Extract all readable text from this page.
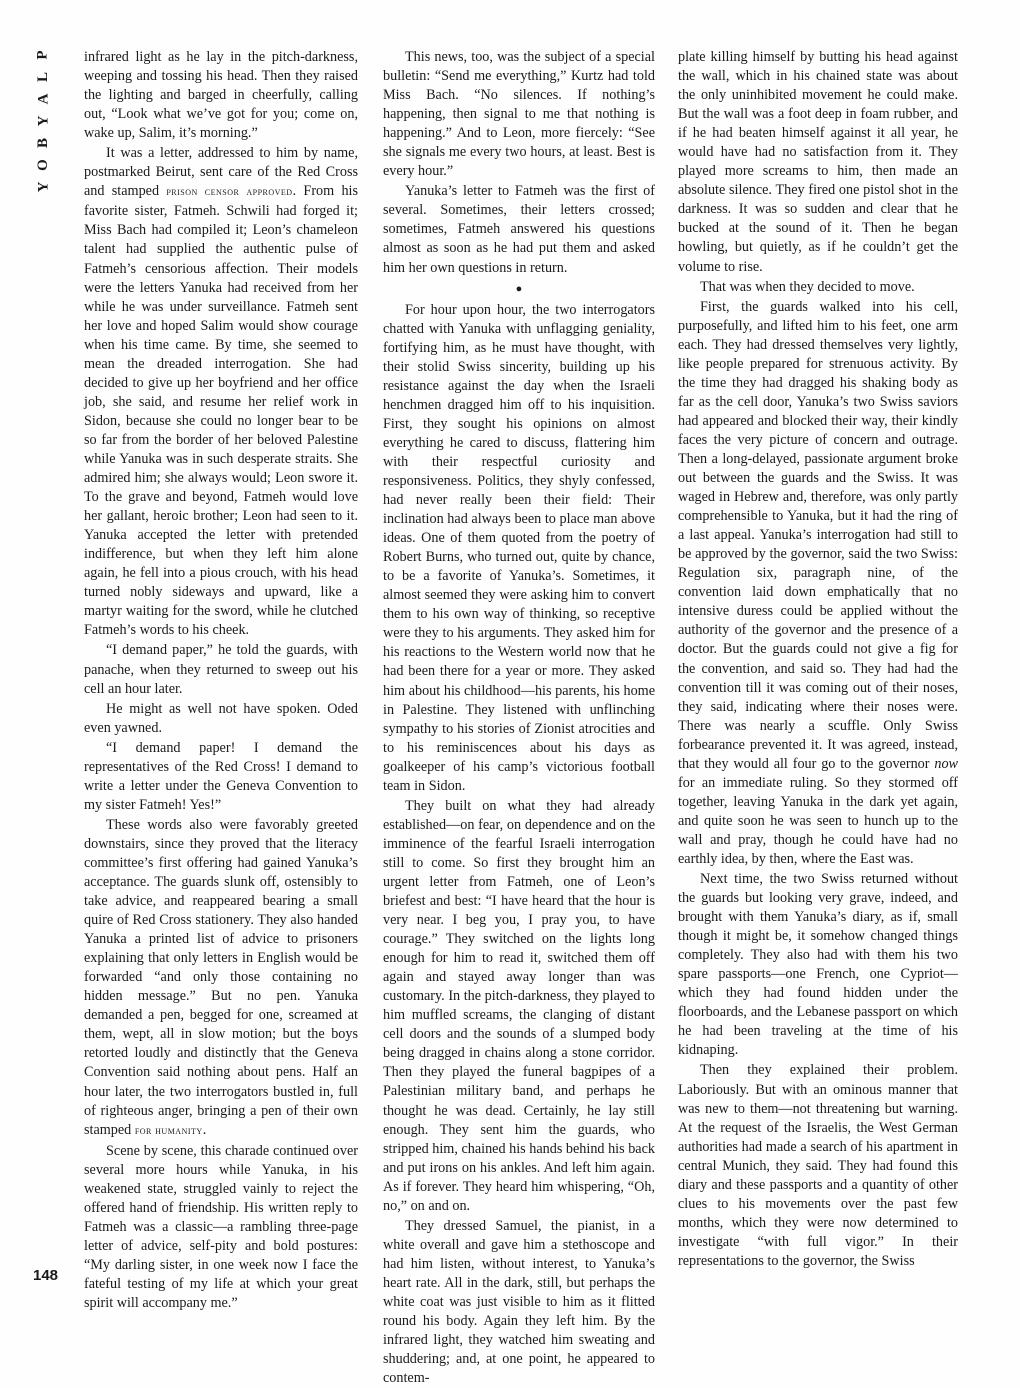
P
L
A
Y
B
O
Y
148

infrared light as he lay in the pitch-darkness, weeping and tossing his head. Then they raised the lighting and barged in cheerfully, calling out, “Look what we’ve got for you; come on, wake up, Salim, it’s morning.”

It was a letter, addressed to him by name, postmarked Beirut, sent care of the Red Cross and stamped prison censor approved. From his favorite sister, Fatmeh. Schwili had forged it; Miss Bach had compiled it; Leon’s chameleon talent had supplied the authentic pulse of Fatmeh’s censorious affection. Their models were the letters Yanuka had received from her while he was under surveillance. Fatmeh sent her love and hoped Salim would show courage when his time came. By time, she seemed to mean the dreaded interrogation. She had decided to give up her boyfriend and her office job, she said, and resume her relief work in Sidon, because she could no longer bear to be so far from the border of her beloved Palestine while Yanuka was in such desperate straits. She admired him; she always would; Leon swore it. To the grave and beyond, Fatmeh would love her gallant, heroic brother; Leon had seen to it. Yanuka accepted the letter with pretended indifference, but when they left him alone again, he fell into a pious crouch, with his head turned nobly sideways and upward, like a martyr waiting for the sword, while he clutched Fatmeh’s words to his cheek.

“I demand paper,” he told the guards, with panache, when they returned to sweep out his cell an hour later.

He might as well not have spoken. Oded even yawned.

“I demand paper! I demand the representatives of the Red Cross! I demand to write a letter under the Geneva Convention to my sister Fatmeh! Yes!”

These words also were favorably greeted downstairs, since they proved that the literacy committee’s first offering had gained Yanuka’s acceptance. The guards slunk off, ostensibly to take advice, and reappeared bearing a small quire of Red Cross stationery. They also handed Yanuka a printed list of advice to prisoners explaining that only letters in English would be forwarded “and only those containing no hidden message.” But no pen. Yanuka demanded a pen, begged for one, screamed at them, wept, all in slow motion; but the boys retorted loudly and distinctly that the Geneva Convention said nothing about pens. Half an hour later, the two interrogators bustled in, full of righteous anger, bringing a pen of their own stamped for humanity.

Scene by scene, this charade continued over several more hours while Yanuka, in his weakened state, struggled vainly to reject the offered hand of friendship. His written reply to Fatmeh was a classic—a rambling three-page letter of advice, self-pity and bold postures: “My darling sister, in one week now I face the fateful testing of my life at which your great spirit will accompany me.”

This news, too, was the subject of a special bulletin: “Send me everything,” Kurtz had told Miss Bach. “No silences. If nothing’s happening, then signal to me that nothing is happening.” And to Leon, more fiercely: “See she signals me every two hours, at least. Best is every hour.”

Yanuka’s letter to Fatmeh was the first of several. Sometimes, their letters crossed; sometimes, Fatmeh answered his questions almost as soon as he had put them and asked him her own questions in return.

●

For hour upon hour, the two interrogators chatted with Yanuka with unflagging geniality, fortifying him, as he must have thought, with their stolid Swiss sincerity, building up his resistance against the day when the Israeli henchmen dragged him off to his inquisition. First, they sought his opinions on almost everything he cared to discuss, flattering him with their respectful curiosity and responsiveness. Politics, they shyly confessed, had never really been their field: Their inclination had always been to place man above ideas. One of them quoted from the poetry of Robert Burns, who turned out, quite by chance, to be a favorite of Yanuka’s. Sometimes, it almost seemed they were asking him to convert them to his own way of thinking, so receptive were they to his arguments. They asked him for his reactions to the Western world now that he had been there for a year or more. They asked him about his childhood—his parents, his home in Palestine. They listened with unflinching sympathy to his stories of Zionist atrocities and to his reminiscences about his days as goalkeeper of his camp’s victorious football team in Sidon.

They built on what they had already established—on fear, on dependence and on the imminence of the fearful Israeli interrogation still to come. So first they brought him an urgent letter from Fatmeh, one of Leon’s briefest and best: “I have heard that the hour is very near. I beg you, I pray you, to have courage.” They switched on the lights long enough for him to read it, switched them off again and stayed away longer than was customary. In the pitch-darkness, they played to him muffled screams, the clanging of distant cell doors and the sounds of a slumped body being dragged in chains along a stone corridor. Then they played the funeral bagpipes of a Palestinian military band, and perhaps he thought he was dead. Certainly, he lay still enough. They sent him the guards, who stripped him, chained his hands behind his back and put irons on his ankles. And left him again. As if forever. They heard him whispering, “Oh, no,” on and on.

They dressed Samuel, the pianist, in a white overall and gave him a stethoscope and had him listen, without interest, to Yanuka’s heart rate. All in the dark, still, but perhaps the white coat was just visible to him as it flitted round his body. Again they left him. By the infrared light, they watched him sweating and shuddering; and, at one point, he appeared to contem-

plate killing himself by butting his head against the wall, which in his chained state was about the only uninhibited movement he could make. But the wall was a foot deep in foam rubber, and if he had beaten himself against it all year, he would have had no satisfaction from it. They played more screams to him, then made an absolute silence. They fired one pistol shot in the darkness. It was so sudden and clear that he bucked at the sound of it. Then he began howling, but quietly, as if he couldn’t get the volume to rise.

That was when they decided to move.

First, the guards walked into his cell, purposefully, and lifted him to his feet, one arm each. They had dressed themselves very lightly, like people prepared for strenuous activity. By the time they had dragged his shaking body as far as the cell door, Yanuka’s two Swiss saviors had appeared and blocked their way, their kindly faces the very picture of concern and outrage. Then a long-delayed, passionate argument broke out between the guards and the Swiss. It was waged in Hebrew and, therefore, was only partly comprehensible to Yanuka, but it had the ring of a last appeal. Yanuka’s interrogation had still to be approved by the governor, said the two Swiss: Regulation six, paragraph nine, of the convention laid down emphatically that no intensive duress could be applied without the authority of the governor and the presence of a doctor. But the guards could not give a fig for the convention, and said so. They had had the convention till it was coming out of their noses, they said, indicating where their noses were. There was nearly a scuffle. Only Swiss forbearance prevented it. It was agreed, instead, that they would all four go to the governor now for an immediate ruling. So they stormed off together, leaving Yanuka in the dark yet again, and quite soon he was seen to hunch up to the wall and pray, though he could have had no earthly idea, by then, where the East was.

Next time, the two Swiss returned without the guards but looking very grave, indeed, and brought with them Yanuka’s diary, as if, small though it might be, it somehow changed things completely. They also had with them his two spare passports—one French, one Cypriot—which they had found hidden under the floorboards, and the Lebanese passport on which he had been traveling at the time of his kidnaping.

Then they explained their problem. Laboriously. But with an ominous manner that was new to them—not threatening but warning. At the request of the Israelis, the West German authorities had made a search of his apartment in central Munich, they said. They had found this diary and these passports and a quantity of other clues to his movements over the past few months, which they were now determined to investigate “with full vigor.” In their representations to the governor, the Swiss
